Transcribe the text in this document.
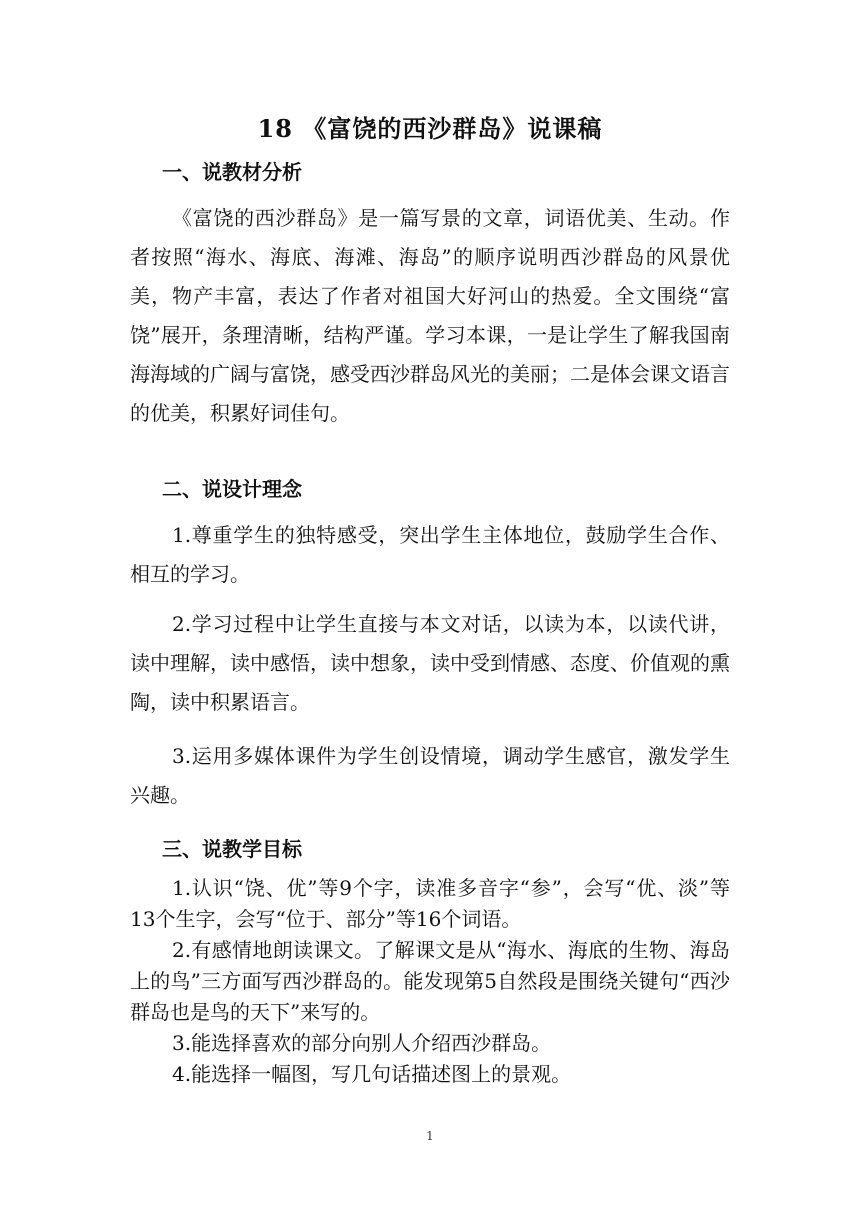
18 《富饶的西沙群岛》说课稿
一、说教材分析

《富饶的西沙群岛》是一篇写景的文章，词语优美、生动。作者按照“海水、海底、海滩、海岛”的顺序说明西沙群岛的风景优美，物产丰富，表达了作者对祖国大好河山的热爱。全文围绕“富饶”展开，条理清晰，结构严谨。学习本课，一是让学生了解我国南海海域的广阔与富饶，感受西沙群岛风光的美丽；二是体会课文语言的优美，积累好词佳句。

二、说设计理念

1.尊重学生的独特感受，突出学生主体地位，鼓励学生合作、相互的学习。

2.学习过程中让学生直接与本文对话，以读为本，以读代讲，读中理解，读中感悟，读中想象，读中受到情感、态度、价值观的熏陶，读中积累语言。

3.运用多媒体课件为学生创设情境，调动学生感官，激发学生兴趣。

三、说教学目标

1.认识“饶、优”等9个字，读准多音字“参”，会写“优、淡”等13个生字，会写“位于、部分”等16个词语。

2.有感情地朗读课文。了解课文是从“海水、海底的生物、海岛上的鸟”三方面写西沙群岛的。能发现第5自然段是围绕关键句“西沙群岛也是鸟的天下”来写的。

3.能选择喜欢的部分向别人介绍西沙群岛。

4.能选择一幅图，写几句话描述图上的景观。

1
